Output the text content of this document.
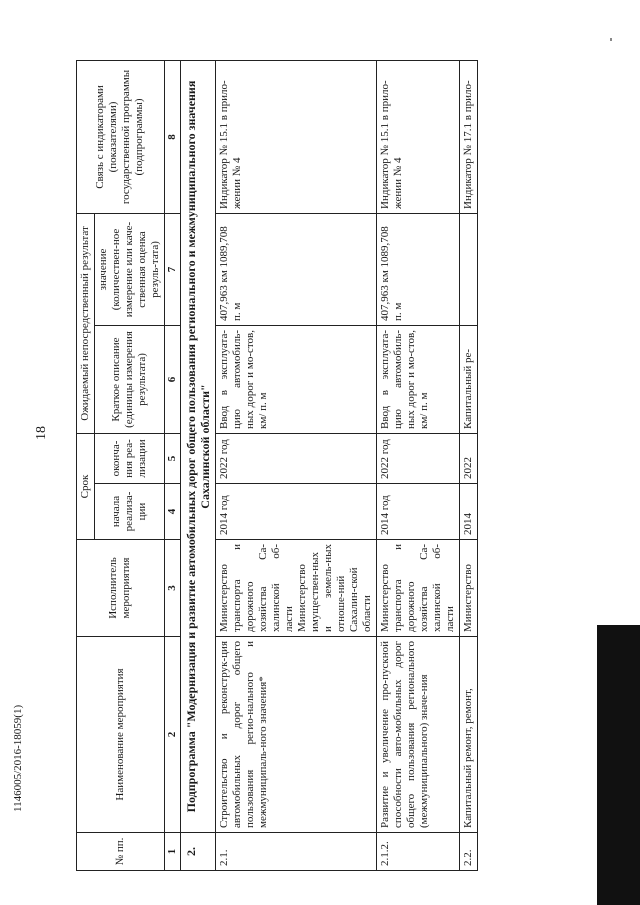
18
1146005/2016-18059(1)
№ пп.	Наименование мероприятия	Исполнитель мероприятия	Срок		Ожидаемый непосредственный результат		Связь с индикаторами (показателями) государственной программы (подпрограммы)
			начала реализа-ции	оконча-ния реа-лизации	Краткое описание (единицы измерения результата)	значение (количествен-ное измерение или каче-ственная оценка резуль-тата)	
1	2	3	4	5	6	7	8
2.	Подпрограмма "Модернизация и развитие автомобильных дорог общего пользования регионального и межмуниципального значения Сахалинской области"						
2.1.	Строительство и реконструк-ция автомобильных дорог общего пользования регио-нального и межмуниципаль-ного значения*	Министерство транспорта и дорожного хозяйства Са-халинской об-ласти Министерство имуществен-ных и земель-ных отноше-ний Сахалин-ской области	2014 год	2022 год	Ввод в эксплуата-цию автомобиль-ных дорог и мо-стов, км/ п. м	407,963 км 1089,708 п. м	Индикатор № 15.1 в прило-жении № 4
2.1.2.	Развитие и увеличение про-пускной способности авто-мобильных дорог общего пользования регионального (межмуниципального) значе-ния	Министерство транспорта и дорожного хозяйства Са-халинской об-ласти	2014 год	2022 год	Ввод в эксплуата-цию автомобиль-ных дорог и мо-стов, км/ п. м	407,963 км 1089,708 п. м	Индикатор № 15.1 в прило-жении № 4
2.2.	Капитальный ремонт, ремонт,	Министерство	2014	2022	Капитальный ре-		Индикатор № 17.1 в прило-
